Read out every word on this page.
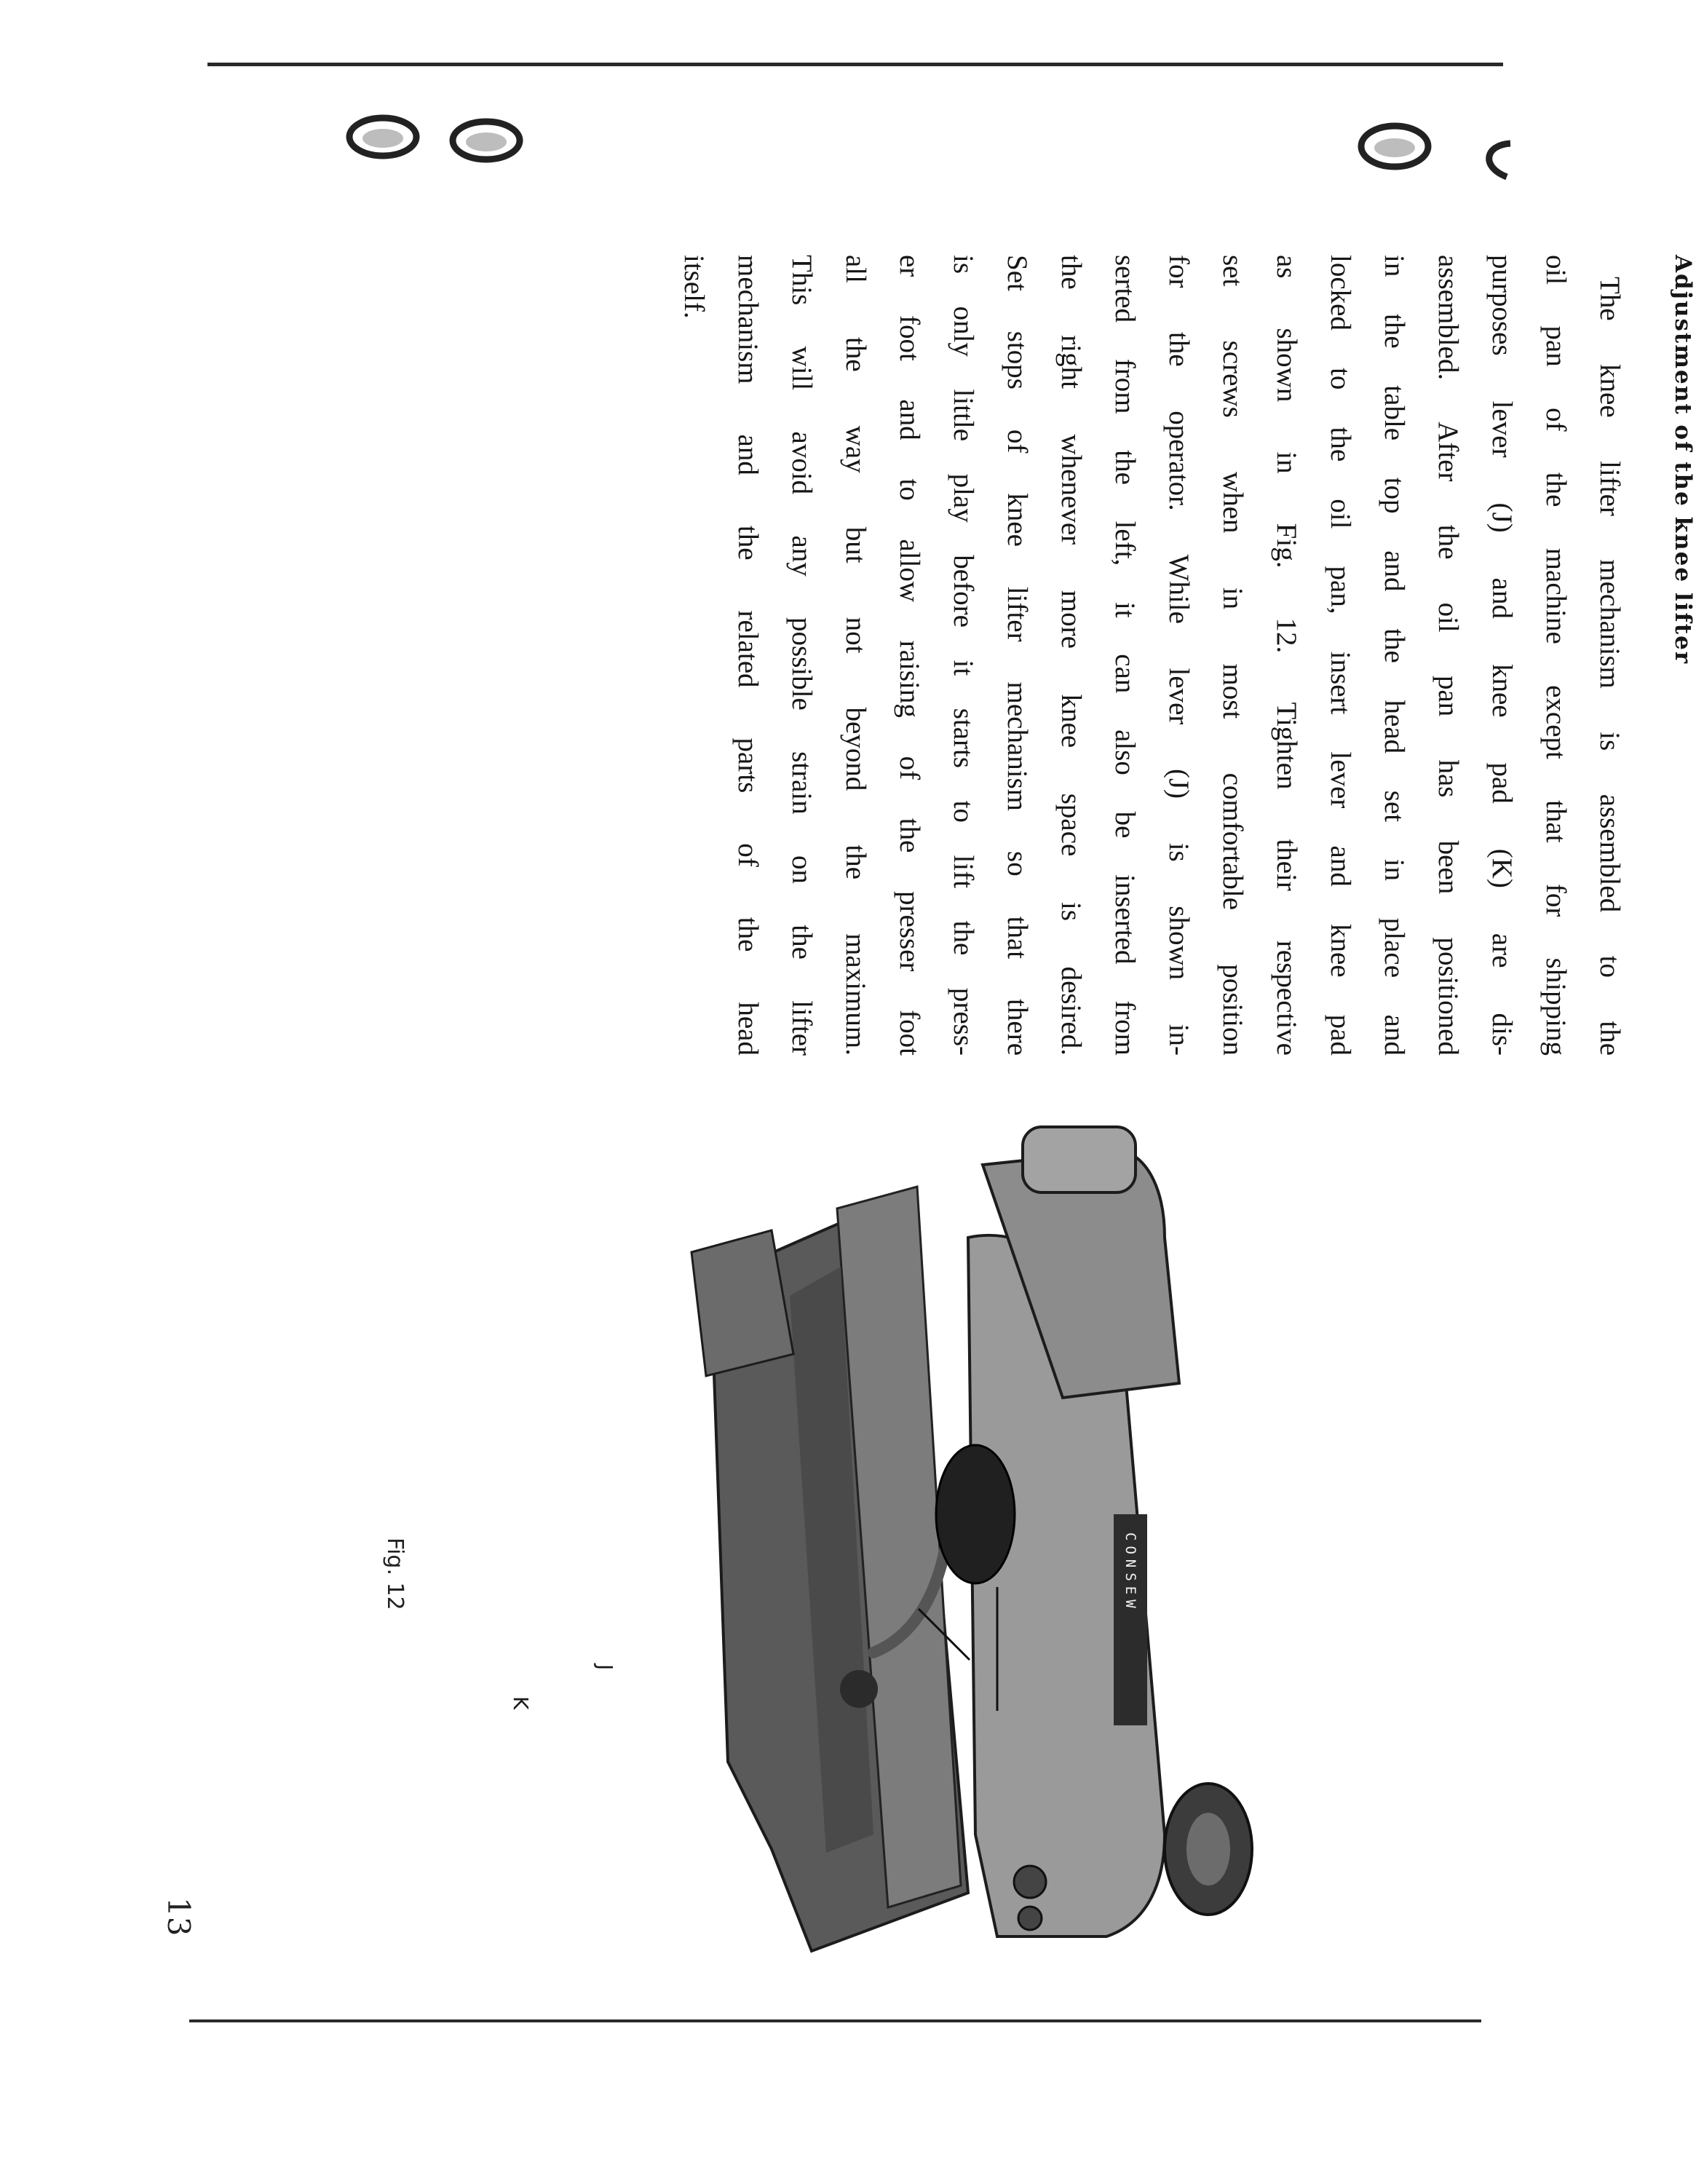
Adjustment of the knee lifter
The knee lifter mechanism is assembled to the
oil pan of the machine except that for shipping
purposes lever (J) and knee pad (K) are dis-
assembled. After the oil pan has been positioned
in the table top and the head set in place and
locked to the oil pan, insert lever and knee pad
as shown in Fig. 12. Tighten their respective
set screws when in most comfortable position
for the operator. While lever (J) is shown in-
serted from the left, it can also be inserted from
the right whenever more knee space is desired.
Set stops of knee lifter mechanism so that there
is only little play before it starts to lift the press-
er foot and to allow raising of the presser foot
all the way but not beyond the maximum.
This will avoid any possible strain on the lifter
mechanism and the related parts of the head
itself.
CONSEW
J
K
Fig. 12
13
